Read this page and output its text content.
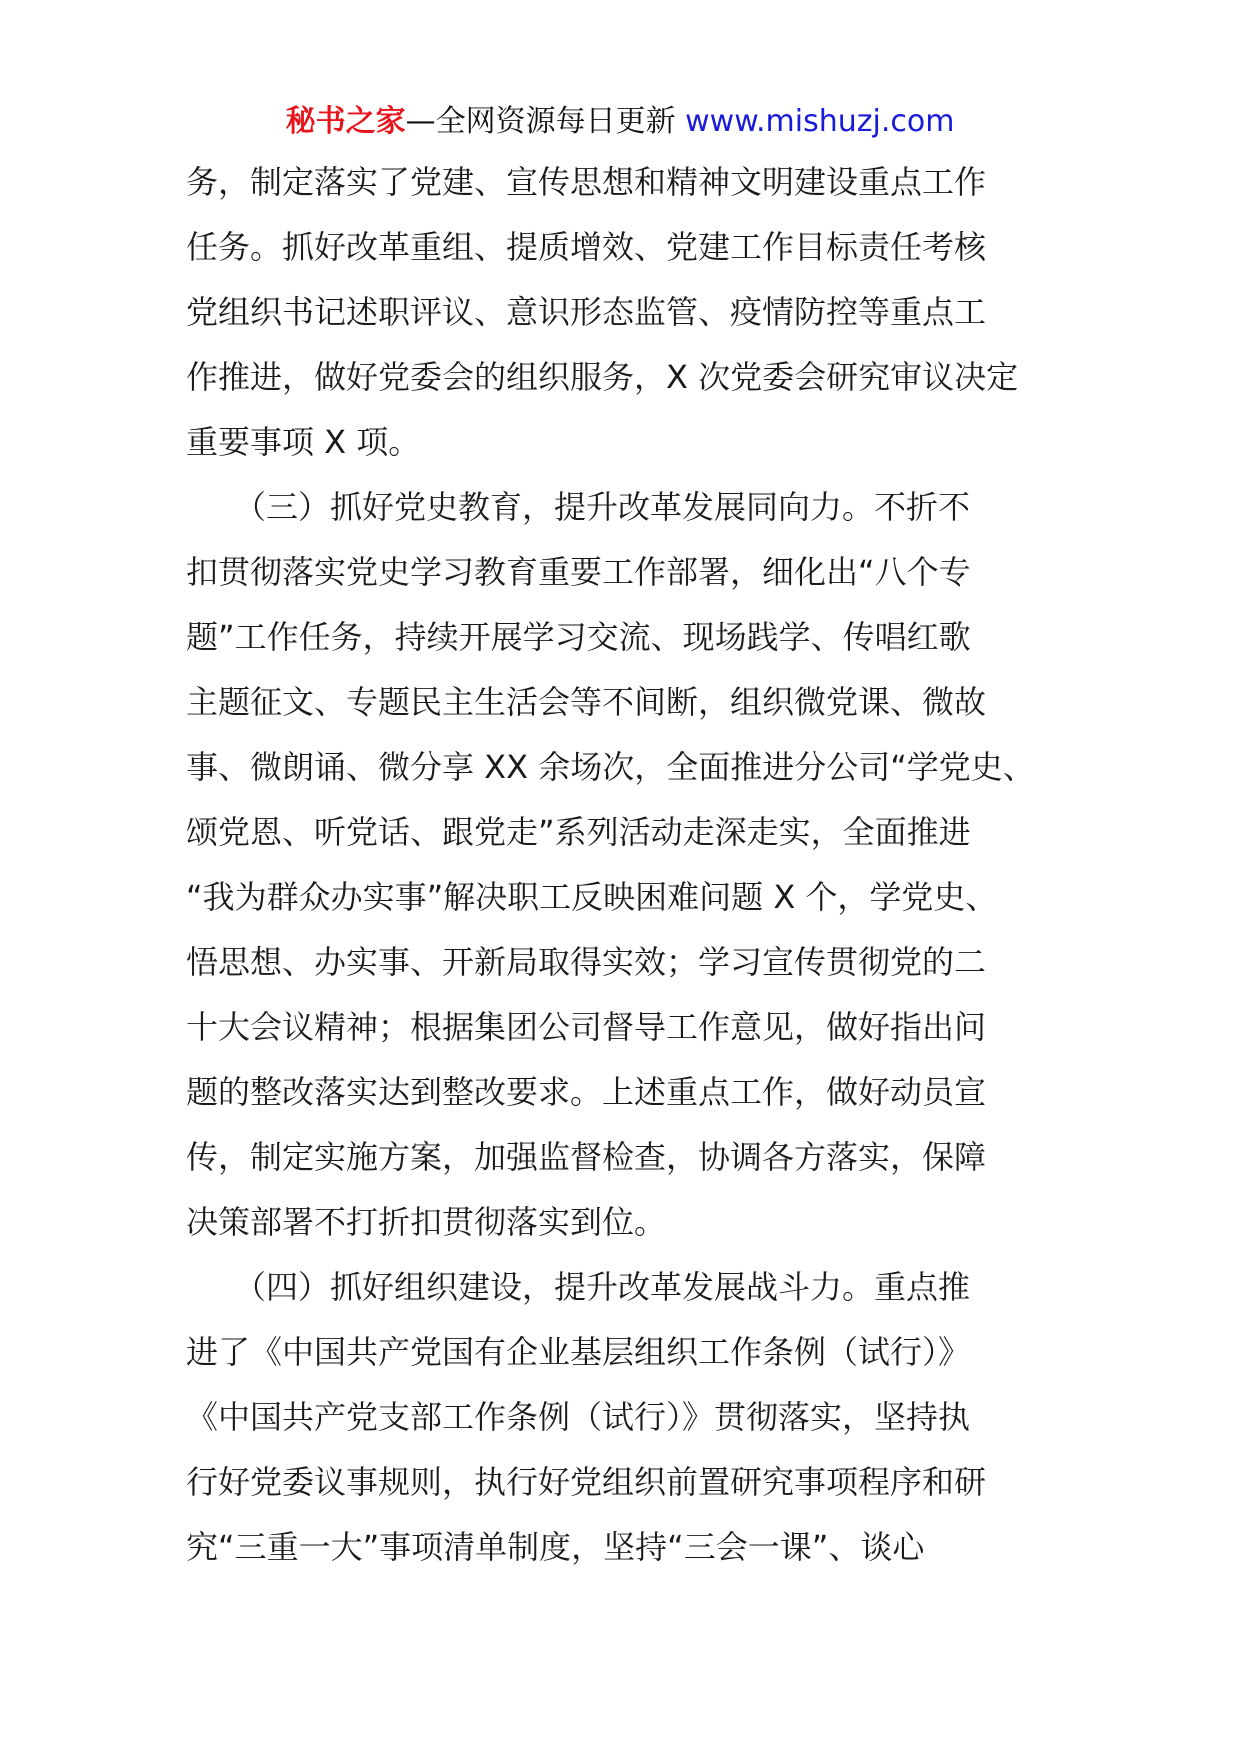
秘书之家—全网资源每日更新 www.mishuzj.com
务，制定落实了党建、宣传思想和精神文明建设重点工作
任务。抓好改革重组、提质增效、党建工作目标责任考核
党组织书记述职评议、意识形态监管、疫情防控等重点工
作推进，做好党委会的组织服务，X 次党委会研究审议决定
重要事项 X 项。
　　（三）抓好党史教育，提升改革发展同向力。不折不
扣贯彻落实党史学习教育重要工作部署，细化出“八个专
题”工作任务，持续开展学习交流、现场践学、传唱红歌
主题征文、专题民主生活会等不间断，组织微党课、微故
事、微朗诵、微分享 XX 余场次，全面推进分公司“学党史、
颂党恩、听党话、跟党走”系列活动走深走实，全面推进
“我为群众办实事”解决职工反映困难问题 X 个，学党史、
悟思想、办实事、开新局取得实效；学习宣传贯彻党的二
十大会议精神；根据集团公司督导工作意见，做好指出问
题的整改落实达到整改要求。上述重点工作，做好动员宣
传，制定实施方案，加强监督检查，协调各方落实，保障
决策部署不打折扣贯彻落实到位。
　　（四）抓好组织建设，提升改革发展战斗力。重点推
进了《中国共产党国有企业基层组织工作条例（试行）》
《中国共产党支部工作条例（试行）》贯彻落实，坚持执
行好党委议事规则，执行好党组织前置研究事项程序和研
究“三重一大”事项清单制度，坚持“三会一课”、谈心
